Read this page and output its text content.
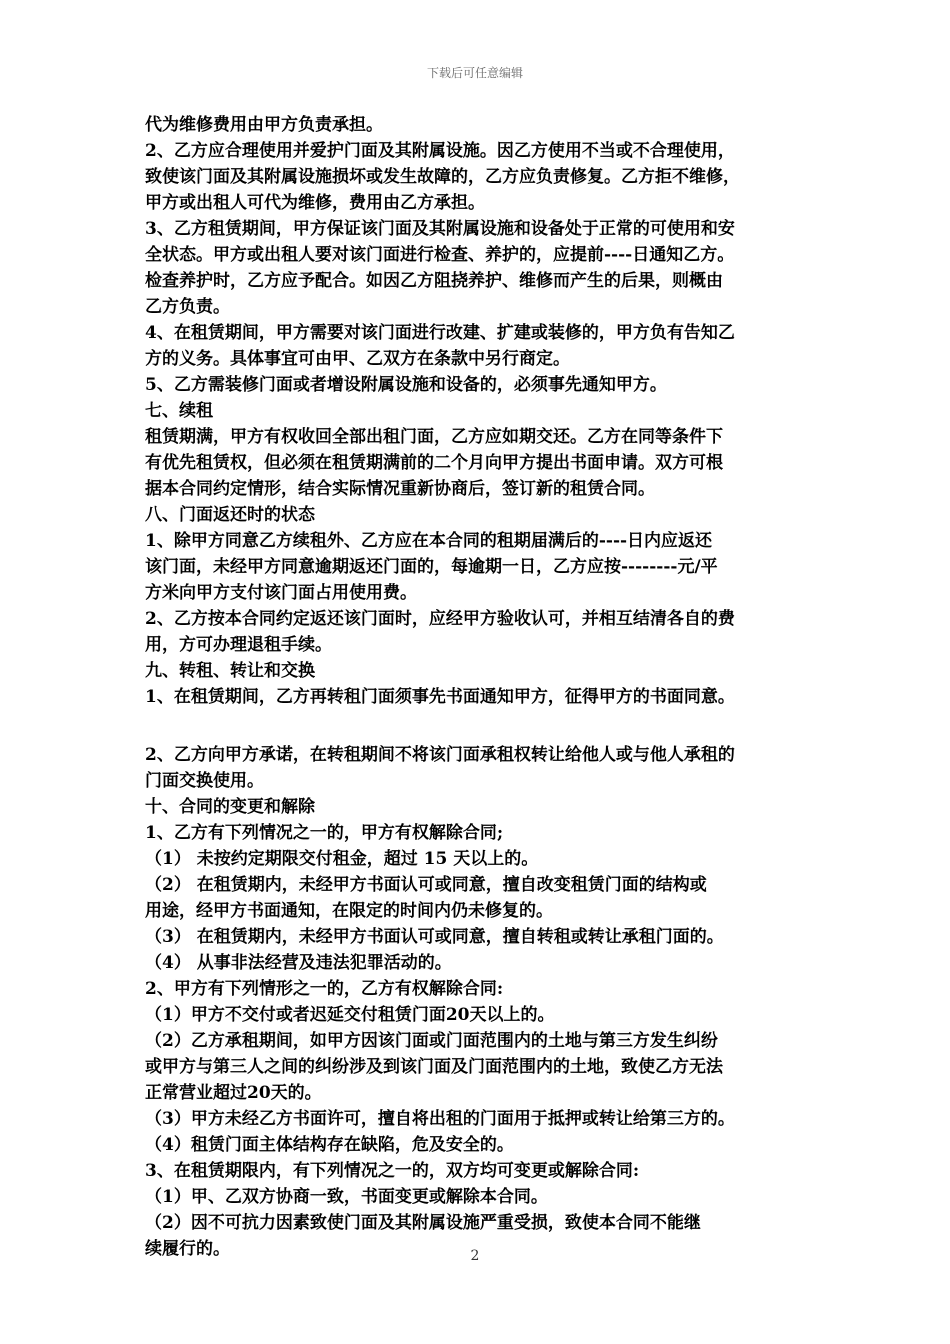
下载后可任意编辑
代为维修费用由甲方负责承担。
2、乙方应合理使用并爱护门面及其附属设施。因乙方使用不当或不合理使用，
致使该门面及其附属设施损坏或发生故障的，乙方应负责修复。乙方拒不维修，
甲方或出租人可代为维修，费用由乙方承担。
3、乙方租赁期间，甲方保证该门面及其附属设施和设备处于正常的可使用和安
全状态。甲方或出租人要对该门面进行检查、养护的，应提前----日通知乙方。
检查养护时，乙方应予配合。如因乙方阻挠养护、维修而产生的后果，则概由
乙方负责。
4、在租赁期间，甲方需要对该门面进行改建、扩建或装修的，甲方负有告知乙
方的义务。具体事宜可由甲、乙双方在条款中另行商定。
5、乙方需装修门面或者增设附属设施和设备的，必须事先通知甲方。
七、续租
租赁期满，甲方有权收回全部出租门面，乙方应如期交还。乙方在同等条件下
有优先租赁权，但必须在租赁期满前的二个月向甲方提出书面申请。双方可根
据本合同约定情形，结合实际情况重新协商后，签订新的租赁合同。
八、门面返还时的状态
1、除甲方同意乙方续租外、乙方应在本合同的租期届满后的----日内应返还
该门面，未经甲方同意逾期返还门面的，每逾期一日，乙方应按--------元/平
方米向甲方支付该门面占用使用费。
2、乙方按本合同约定返还该门面时，应经甲方验收认可，并相互结清各自的费
用，方可办理退租手续。
九、转租、转让和交换
1、在租赁期间，乙方再转租门面须事先书面通知甲方，征得甲方的书面同意。
2、乙方向甲方承诺，在转租期间不将该门面承租权转让给他人或与他人承租的
门面交换使用。
十、合同的变更和解除
1、乙方有下列情况之一的，甲方有权解除合同;
（1） 未按约定期限交付租金，超过 15 天以上的。
（2） 在租赁期内，未经甲方书面认可或同意，擅自改变租赁门面的结构或
用途，经甲方书面通知，在限定的时间内仍未修复的。
（3） 在租赁期内，未经甲方书面认可或同意，擅自转租或转让承租门面的。
（4） 从事非法经营及违法犯罪活动的。
2、甲方有下列情形之一的，乙方有权解除合同:
（1）甲方不交付或者迟延交付租赁门面20天以上的。
（2）乙方承租期间，如甲方因该门面或门面范围内的土地与第三方发生纠纷
或甲方与第三人之间的纠纷涉及到该门面及门面范围内的土地，致使乙方无法
正常营业超过20天的。
（3）甲方未经乙方书面许可，擅自将出租的门面用于抵押或转让给第三方的。
（4）租赁门面主体结构存在缺陷，危及安全的。
3、在租赁期限内，有下列情况之一的，双方均可变更或解除合同:
（1）甲、乙双方协商一致，书面变更或解除本合同。
（2）因不可抗力因素致使门面及其附属设施严重受损，致使本合同不能继
续履行的。	2
